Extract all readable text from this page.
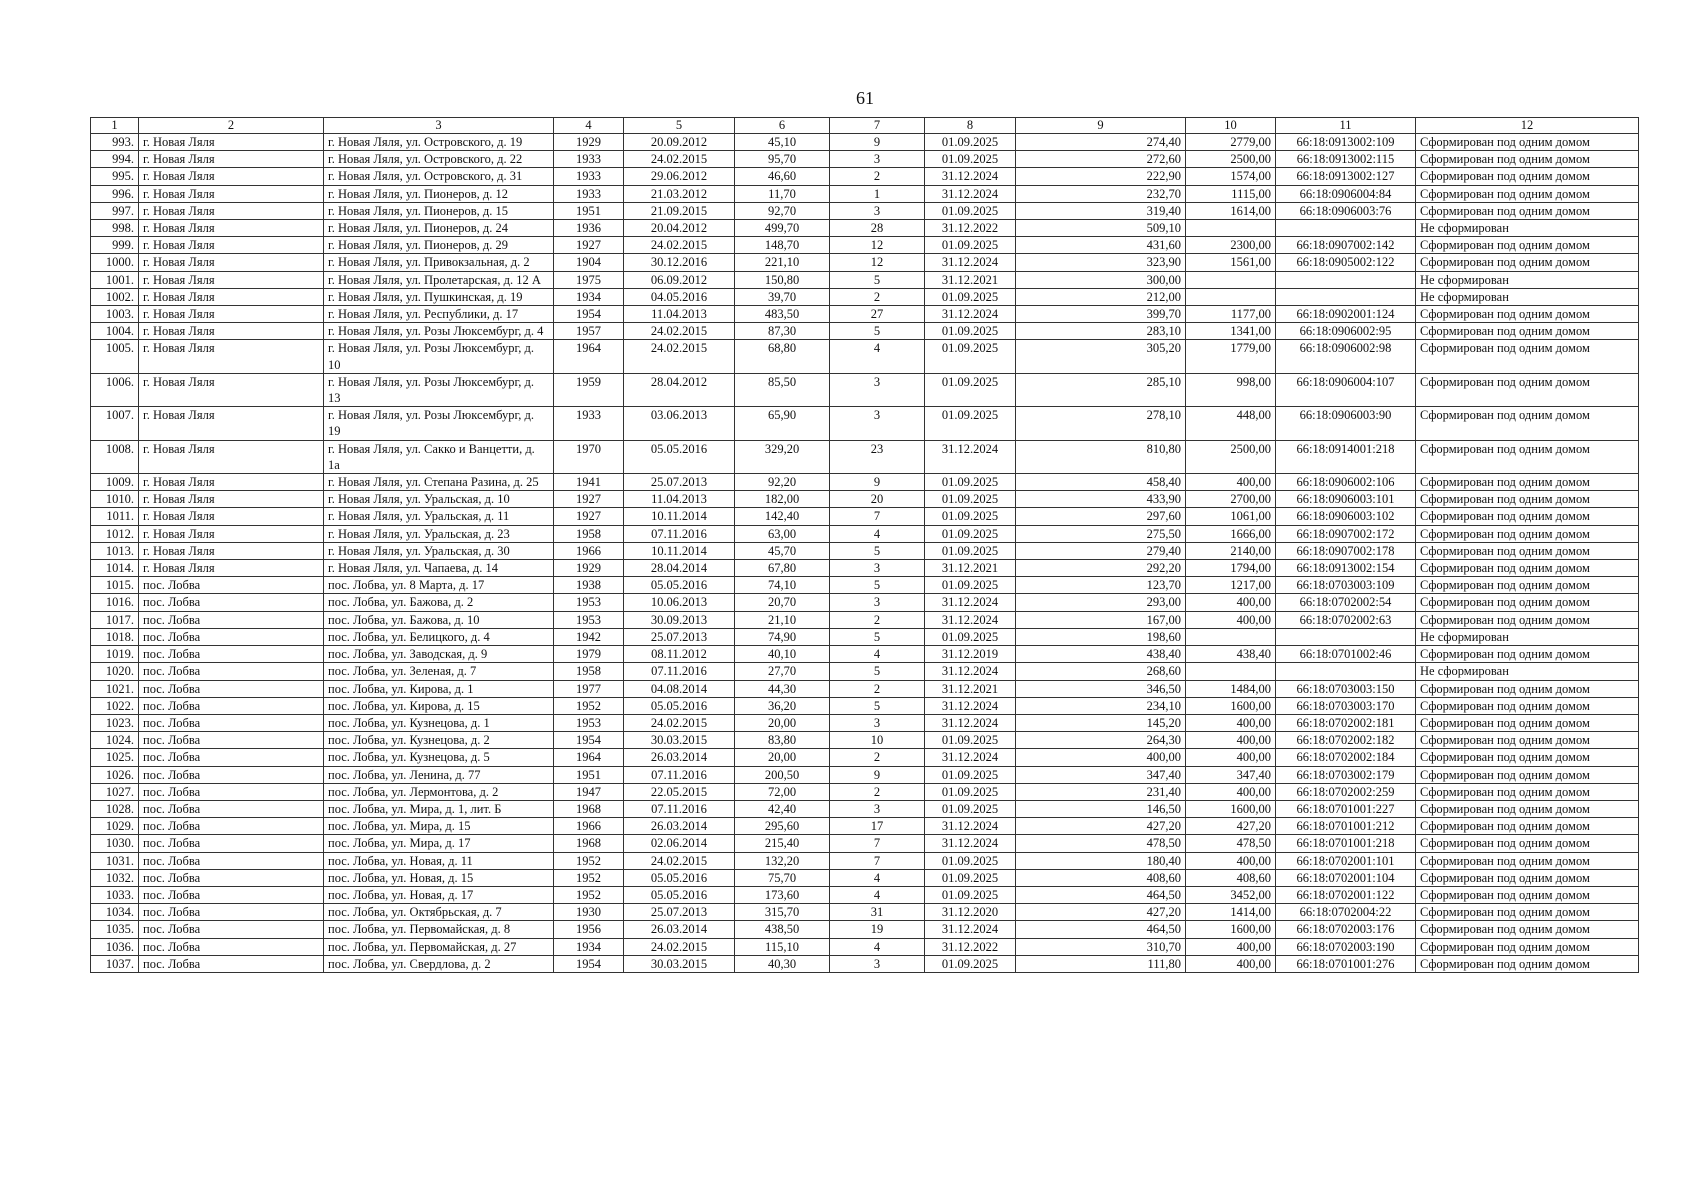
61
1	2	3	4	5	6	7	8	9	10	11	12
993.	г. Новая Ляля	г. Новая Ляля, ул. Островского, д. 19	1929	20.09.2012	45,10	9	01.09.2025	274,40	2779,00	66:18:0913002:109	Сформирован под одним домом
994.	г. Новая Ляля	г. Новая Ляля, ул. Островского, д. 22	1933	24.02.2015	95,70	3	01.09.2025	272,60	2500,00	66:18:0913002:115	Сформирован под одним домом
995.	г. Новая Ляля	г. Новая Ляля, ул. Островского, д. 31	1933	29.06.2012	46,60	2	31.12.2024	222,90	1574,00	66:18:0913002:127	Сформирован под одним домом
996.	г. Новая Ляля	г. Новая Ляля, ул. Пионеров, д. 12	1933	21.03.2012	11,70	1	31.12.2024	232,70	1115,00	66:18:0906004:84	Сформирован под одним домом
997.	г. Новая Ляля	г. Новая Ляля, ул. Пионеров, д. 15	1951	21.09.2015	92,70	3	01.09.2025	319,40	1614,00	66:18:0906003:76	Сформирован под одним домом
998.	г. Новая Ляля	г. Новая Ляля, ул. Пионеров, д. 24	1936	20.04.2012	499,70	28	31.12.2022	509,10			Не сформирован
999.	г. Новая Ляля	г. Новая Ляля, ул. Пионеров, д. 29	1927	24.02.2015	148,70	12	01.09.2025	431,60	2300,00	66:18:0907002:142	Сформирован под одним домом
1000.	г. Новая Ляля	г. Новая Ляля, ул. Привокзальная, д. 2	1904	30.12.2016	221,10	12	31.12.2024	323,90	1561,00	66:18:0905002:122	Сформирован под одним домом
1001.	г. Новая Ляля	г. Новая Ляля, ул. Пролетарская, д. 12 А	1975	06.09.2012	150,80	5	31.12.2021	300,00			Не сформирован
1002.	г. Новая Ляля	г. Новая Ляля, ул. Пушкинская, д. 19	1934	04.05.2016	39,70	2	01.09.2025	212,00			Не сформирован
1003.	г. Новая Ляля	г. Новая Ляля, ул. Республики, д. 17	1954	11.04.2013	483,50	27	31.12.2024	399,70	1177,00	66:18:0902001:124	Сформирован под одним домом
1004.	г. Новая Ляля	г. Новая Ляля, ул. Розы Люксембург, д. 4	1957	24.02.2015	87,30	5	01.09.2025	283,10	1341,00	66:18:0906002:95	Сформирован под одним домом
1005.	г. Новая Ляля	г. Новая Ляля, ул. Розы Люксембург, д. 10	1964	24.02.2015	68,80	4	01.09.2025	305,20	1779,00	66:18:0906002:98	Сформирован под одним домом
1006.	г. Новая Ляля	г. Новая Ляля, ул. Розы Люксембург, д. 13	1959	28.04.2012	85,50	3	01.09.2025	285,10	998,00	66:18:0906004:107	Сформирован под одним домом
1007.	г. Новая Ляля	г. Новая Ляля, ул. Розы Люксембург, д. 19	1933	03.06.2013	65,90	3	01.09.2025	278,10	448,00	66:18:0906003:90	Сформирован под одним домом
1008.	г. Новая Ляля	г. Новая Ляля, ул. Сакко и Ванцетти, д. 1а	1970	05.05.2016	329,20	23	31.12.2024	810,80	2500,00	66:18:0914001:218	Сформирован под одним домом
1009.	г. Новая Ляля	г. Новая Ляля, ул. Степана Разина, д. 25	1941	25.07.2013	92,20	9	01.09.2025	458,40	400,00	66:18:0906002:106	Сформирован под одним домом
1010.	г. Новая Ляля	г. Новая Ляля, ул. Уральская, д. 10	1927	11.04.2013	182,00	20	01.09.2025	433,90	2700,00	66:18:0906003:101	Сформирован под одним домом
1011.	г. Новая Ляля	г. Новая Ляля, ул. Уральская, д. 11	1927	10.11.2014	142,40	7	01.09.2025	297,60	1061,00	66:18:0906003:102	Сформирован под одним домом
1012.	г. Новая Ляля	г. Новая Ляля, ул. Уральская, д. 23	1958	07.11.2016	63,00	4	01.09.2025	275,50	1666,00	66:18:0907002:172	Сформирован под одним домом
1013.	г. Новая Ляля	г. Новая Ляля, ул. Уральская, д. 30	1966	10.11.2014	45,70	5	01.09.2025	279,40	2140,00	66:18:0907002:178	Сформирован под одним домом
1014.	г. Новая Ляля	г. Новая Ляля, ул. Чапаева, д. 14	1929	28.04.2014	67,80	3	31.12.2021	292,20	1794,00	66:18:0913002:154	Сформирован под одним домом
1015.	пос. Лобва	пос. Лобва, ул. 8 Марта, д. 17	1938	05.05.2016	74,10	5	01.09.2025	123,70	1217,00	66:18:0703003:109	Сформирован под одним домом
1016.	пос. Лобва	пос. Лобва, ул. Бажова, д. 2	1953	10.06.2013	20,70	3	31.12.2024	293,00	400,00	66:18:0702002:54	Сформирован под одним домом
1017.	пос. Лобва	пос. Лобва, ул. Бажова, д. 10	1953	30.09.2013	21,10	2	31.12.2024	167,00	400,00	66:18:0702002:63	Сформирован под одним домом
1018.	пос. Лобва	пос. Лобва, ул. Белицкого, д. 4	1942	25.07.2013	74,90	5	01.09.2025	198,60			Не сформирован
1019.	пос. Лобва	пос. Лобва, ул. Заводская, д. 9	1979	08.11.2012	40,10	4	31.12.2019	438,40	438,40	66:18:0701002:46	Сформирован под одним домом
1020.	пос. Лобва	пос. Лобва, ул. Зеленая, д. 7	1958	07.11.2016	27,70	5	31.12.2024	268,60			Не сформирован
1021.	пос. Лобва	пос. Лобва, ул. Кирова, д. 1	1977	04.08.2014	44,30	2	31.12.2021	346,50	1484,00	66:18:0703003:150	Сформирован под одним домом
1022.	пос. Лобва	пос. Лобва, ул. Кирова, д. 15	1952	05.05.2016	36,20	5	31.12.2024	234,10	1600,00	66:18:0703003:170	Сформирован под одним домом
1023.	пос. Лобва	пос. Лобва, ул. Кузнецова, д. 1	1953	24.02.2015	20,00	3	31.12.2024	145,20	400,00	66:18:0702002:181	Сформирован под одним домом
1024.	пос. Лобва	пос. Лобва, ул. Кузнецова, д. 2	1954	30.03.2015	83,80	10	01.09.2025	264,30	400,00	66:18:0702002:182	Сформирован под одним домом
1025.	пос. Лобва	пос. Лобва, ул. Кузнецова, д. 5	1964	26.03.2014	20,00	2	31.12.2024	400,00	400,00	66:18:0702002:184	Сформирован под одним домом
1026.	пос. Лобва	пос. Лобва, ул. Ленина, д. 77	1951	07.11.2016	200,50	9	01.09.2025	347,40	347,40	66:18:0703002:179	Сформирован под одним домом
1027.	пос. Лобва	пос. Лобва, ул. Лермонтова, д. 2	1947	22.05.2015	72,00	2	01.09.2025	231,40	400,00	66:18:0702002:259	Сформирован под одним домом
1028.	пос. Лобва	пос. Лобва, ул. Мира, д. 1, лит. Б	1968	07.11.2016	42,40	3	01.09.2025	146,50	1600,00	66:18:0701001:227	Сформирован под одним домом
1029.	пос. Лобва	пос. Лобва, ул. Мира, д. 15	1966	26.03.2014	295,60	17	31.12.2024	427,20	427,20	66:18:0701001:212	Сформирован под одним домом
1030.	пос. Лобва	пос. Лобва, ул. Мира, д. 17	1968	02.06.2014	215,40	7	31.12.2024	478,50	478,50	66:18:0701001:218	Сформирован под одним домом
1031.	пос. Лобва	пос. Лобва, ул. Новая, д. 11	1952	24.02.2015	132,20	7	01.09.2025	180,40	400,00	66:18:0702001:101	Сформирован под одним домом
1032.	пос. Лобва	пос. Лобва, ул. Новая, д. 15	1952	05.05.2016	75,70	4	01.09.2025	408,60	408,60	66:18:0702001:104	Сформирован под одним домом
1033.	пос. Лобва	пос. Лобва, ул. Новая, д. 17	1952	05.05.2016	173,60	4	01.09.2025	464,50	3452,00	66:18:0702001:122	Сформирован под одним домом
1034.	пос. Лобва	пос. Лобва, ул. Октябрьская, д. 7	1930	25.07.2013	315,70	31	31.12.2020	427,20	1414,00	66:18:0702004:22	Сформирован под одним домом
1035.	пос. Лобва	пос. Лобва, ул. Первомайская, д. 8	1956	26.03.2014	438,50	19	31.12.2024	464,50	1600,00	66:18:0702003:176	Сформирован под одним домом
1036.	пос. Лобва	пос. Лобва, ул. Первомайская, д. 27	1934	24.02.2015	115,10	4	31.12.2022	310,70	400,00	66:18:0702003:190	Сформирован под одним домом
1037.	пос. Лобва	пос. Лобва, ул. Свердлова, д. 2	1954	30.03.2015	40,30	3	01.09.2025	111,80	400,00	66:18:0701001:276	Сформирован под одним домом
